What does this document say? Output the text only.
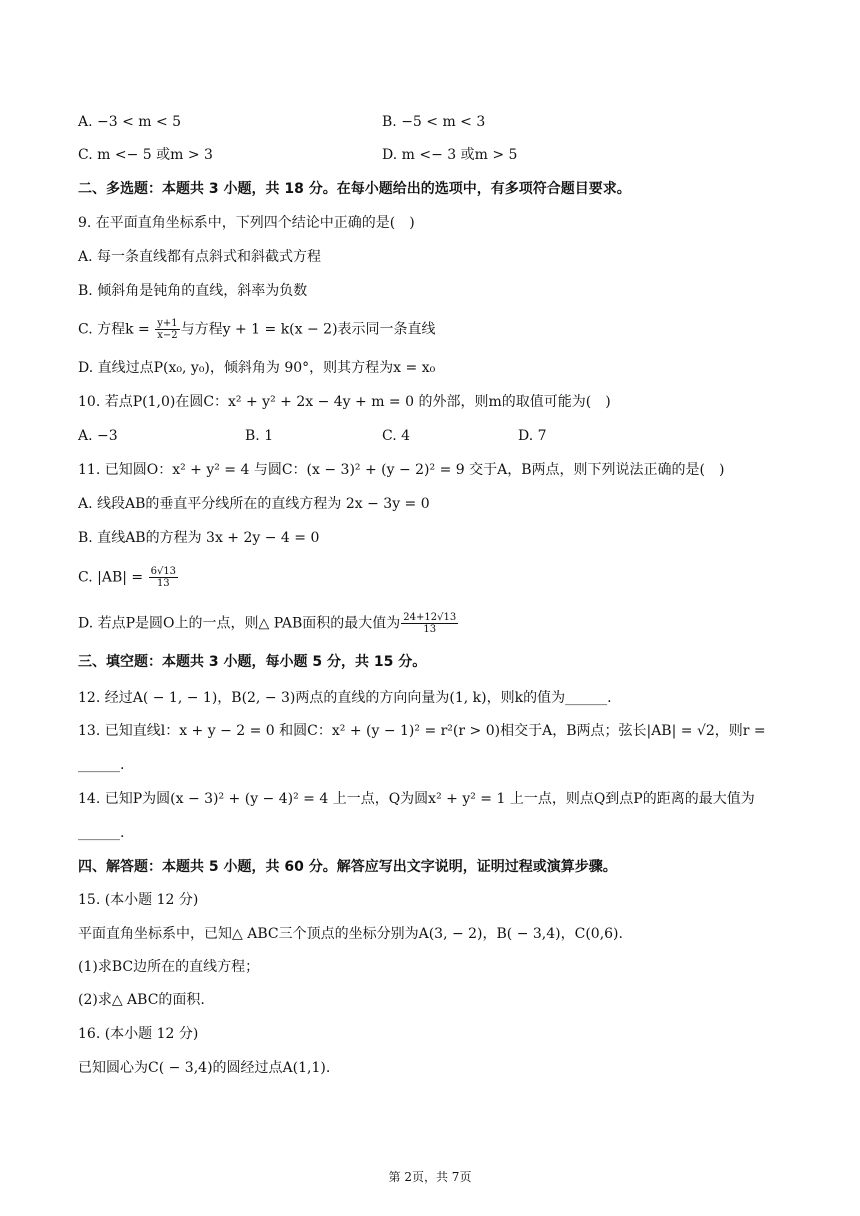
A. −3 < m < 5	B. −5 < m < 3
C. m <− 5 或m > 3	D. m <− 3 或m > 5
二、多选题：本题共 3 小题，共 18 分。在每小题给出的选项中，有多项符合题目要求。
9. 在平面直角坐标系中，下列四个结论中正确的是(　)
A. 每一条直线都有点斜式和斜截式方程
B. 倾斜角是钝角的直线，斜率为负数
C. 方程$k = \frac{y+1}{x-2}$ 与方程y + 1 = k(x − 2)表示同一条直线
D. 直线过点P(x₀, y₀)，倾斜角为 90°，则其方程为x = x₀
10. 若点P(1,0)在圆C：x² + y² + 2x − 4y + m = 0 的外部，则m的取值可能为(　)
A. −3	B. 1	C. 4	D. 7
11. 已知圆O：x² + y² = 4 与圆C：(x − 3)² + (y − 2)² = 9 交于A，B两点，则下列说法正确的是(　)
A. 线段AB的垂直平分线所在的直线方程为 2x − 3y = 0
B. 直线AB的方程为 3x + 2y − 4 = 0
C. $|AB| = \frac{6√13}{13}$
D. 若点P是圆O上的一点，则△ PAB面积的最大值为 $\frac{24+12√13}{13}$
三、填空题：本题共 3 小题，每小题 5 分，共 15 分。
12. 经过A( − 1, − 1)，B(2, − 3)两点的直线的方向向量为(1, k)，则k的值为______.
13. 已知直线l：x + y − 2 = 0 和圆C：x² + (y − 1)² = r²(r > 0)相交于A，B两点；弦长|AB| = √2，则r =
______.
14. 已知P为圆(x − 3)² + (y − 4)² = 4 上一点，Q为圆x² + y² = 1 上一点，则点Q到点P的距离的最大值为
______.
四、解答题：本题共 5 小题，共 60 分。解答应写出文字说明，证明过程或演算步骤。
15. (本小题 12 分)
平面直角坐标系中，已知△ ABC三个顶点的坐标分别为A(3, − 2)，B( − 3,4)，C(0,6).
(1)求BC边所在的直线方程；
(2)求△ ABC的面积.
16. (本小题 12 分)
已知圆心为C( − 3,4)的圆经过点A(1,1).
第 2页，共 7页
